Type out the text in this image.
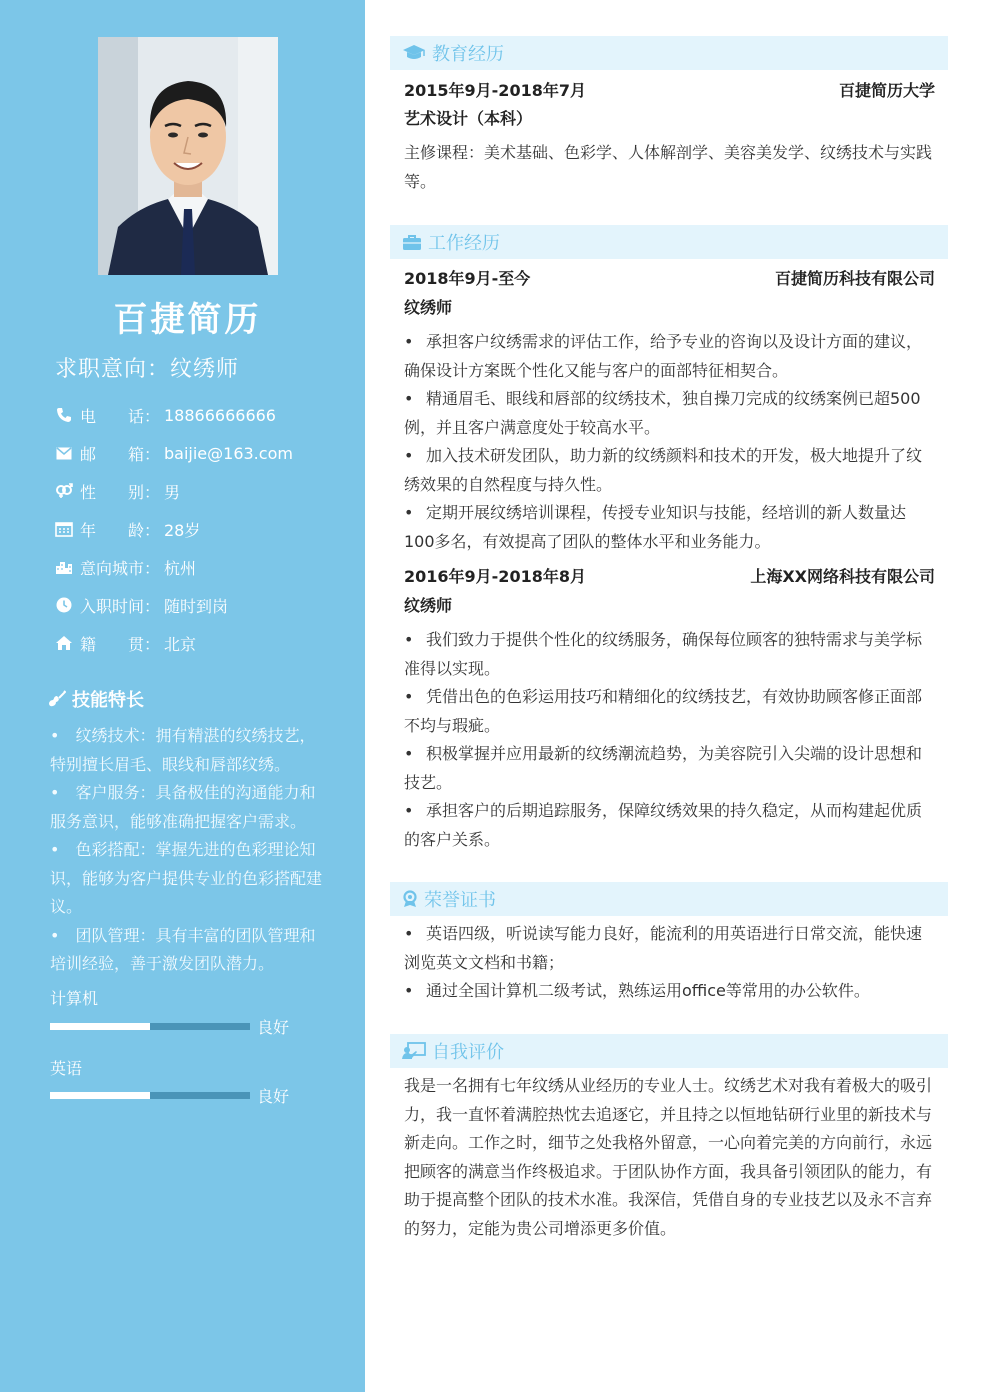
百捷简历
求职意向：纹绣师
电　　话： 18866666666
邮　　箱： baijie@163.com
性　　别： 男
年　　龄： 28岁
意向城市： 杭州
入职时间： 随时到岗
籍　　贯： 北京
技能特长

•　纹绣技术：拥有精湛的纹绣技艺，特别擅长眉毛、眼线和唇部纹绣。

•　客户服务：具备极佳的沟通能力和服务意识，能够准确把握客户需求。

•　色彩搭配：掌握先进的色彩理论知识，能够为客户提供专业的色彩搭配建议。

•　团队管理：具有丰富的团队管理和培训经验，善于激发团队潜力。

计算机
良好
英语
良好
教育经历
2015年9月-2018年7月	百捷简历大学
艺术设计（本科）

主修课程：美术基础、色彩学、人体解剖学、美容美发学、纹绣技术与实践等。

工作经历
2018年9月-至今	百捷简历科技有限公司
纹绣师
• 承担客户纹绣需求的评估工作，给予专业的咨询以及设计方面的建议，确保设计方案既个性化又能与客户的面部特征相契合。
• 精通眉毛、眼线和唇部的纹绣技术，独自操刀完成的纹绣案例已超500例，并且客户满意度处于较高水平。
• 加入技术研发团队，助力新的纹绣颜料和技术的开发，极大地提升了纹绣效果的自然程度与持久性。
• 定期开展纹绣培训课程，传授专业知识与技能，经培训的新人数量达100多名，有效提高了团队的整体水平和业务能力。
2016年9月-2018年8月	上海XX网络科技有限公司
纹绣师
• 我们致力于提供个性化的纹绣服务，确保每位顾客的独特需求与美学标准得以实现。
• 凭借出色的色彩运用技巧和精细化的纹绣技艺，有效协助顾客修正面部不均与瑕疵。
• 积极掌握并应用最新的纹绣潮流趋势，为美容院引入尖端的设计思想和技艺。
• 承担客户的后期追踪服务，保障纹绣效果的持久稳定，从而构建起优质的客户关系。
荣誉证书
• 英语四级，听说读写能力良好，能流利的用英语进行日常交流，能快速浏览英文文档和书籍；
• 通过全国计算机二级考试，熟练运用office等常用的办公软件。
自我评价

我是一名拥有七年纹绣从业经历的专业人士。纹绣艺术对我有着极大的吸引力，我一直怀着满腔热忱去追逐它，并且持之以恒地钻研行业里的新技术与新走向。工作之时，细节之处我格外留意，一心向着完美的方向前行，永远把顾客的满意当作终极追求。于团队协作方面，我具备引领团队的能力，有助于提高整个团队的技术水准。我深信，凭借自身的专业技艺以及永不言弃的努力，定能为贵公司增添更多价值。
